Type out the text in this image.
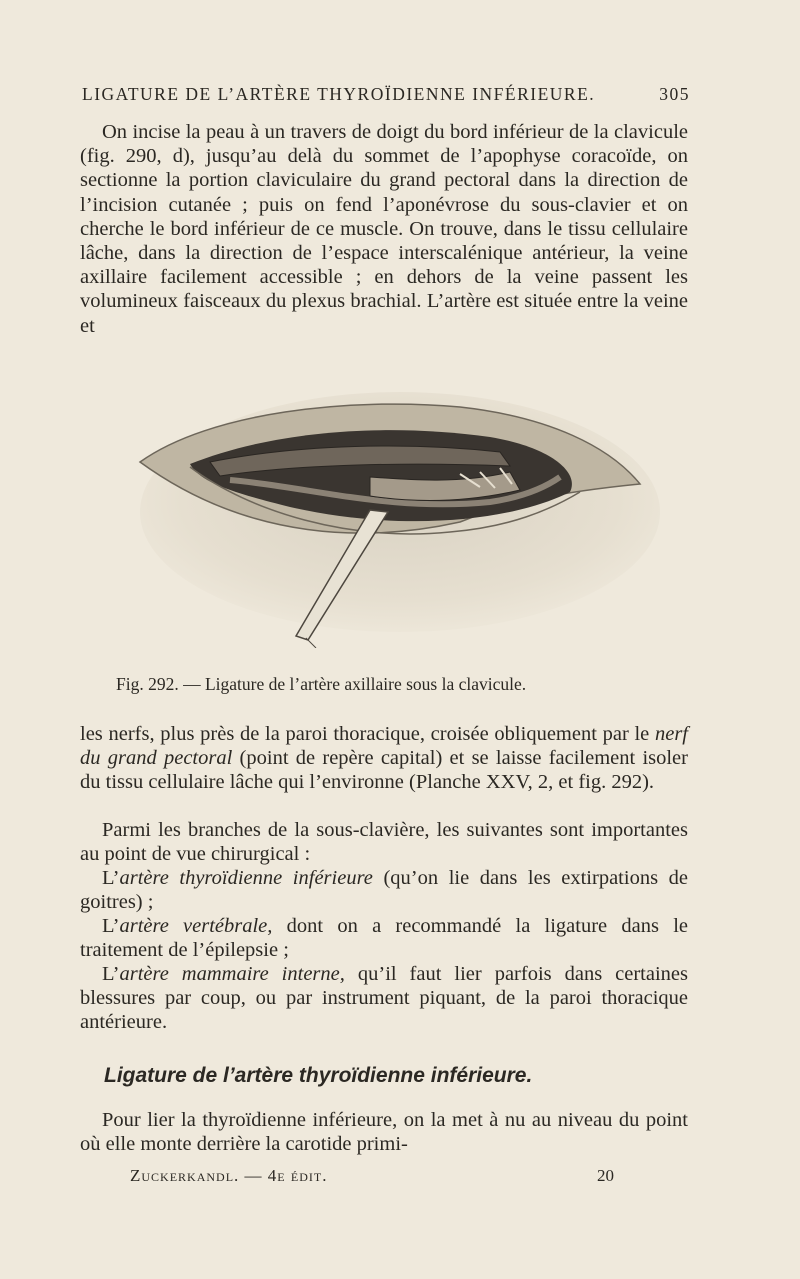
LIGATURE DE L’ARTÈRE THYROÏDIENNE INFÉRIEURE.	305

On incise la peau à un travers de doigt du bord inférieur de la clavicule (fig. 290, d), jusqu’au delà du sommet de l’apophyse coracoïde, on sectionne la portion claviculaire du grand pectoral dans la direction de l’incision cutanée ; puis on fend l’aponévrose du sous-clavier et on cherche le bord inférieur de ce muscle. On trouve, dans le tissu cellulaire lâche, dans la direction de l’espace interscalénique antérieur, la veine axillaire facilement accessible ; en dehors de la veine passent les volumineux faisceaux du plexus brachial. L’artère est située entre la veine et

Fig. 292. — Ligature de l’artère axillaire sous la clavicule.

les nerfs, plus près de la paroi thoracique, croisée obliquement par le nerf du grand pectoral (point de repère capital) et se laisse facilement isoler du tissu cellulaire lâche qui l’environne (Planche XXV, 2, et fig. 292).

Parmi les branches de la sous-clavière, les suivantes sont importantes au point de vue chirurgical :

L’artère thyroïdienne inférieure (qu’on lie dans les extirpations de goitres) ;

L’artère vertébrale, dont on a recommandé la ligature dans le traitement de l’épilepsie ;

L’artère mammaire interne, qu’il faut lier parfois dans certaines blessures par coup, ou par instrument piquant, de la paroi thoracique antérieure.

Ligature de l’artère thyroïdienne inférieure.

Pour lier la thyroïdienne inférieure, on la met à nu au niveau du point où elle monte derrière la carotide primi-

Zuckerkandl. — 4e édit.	20
